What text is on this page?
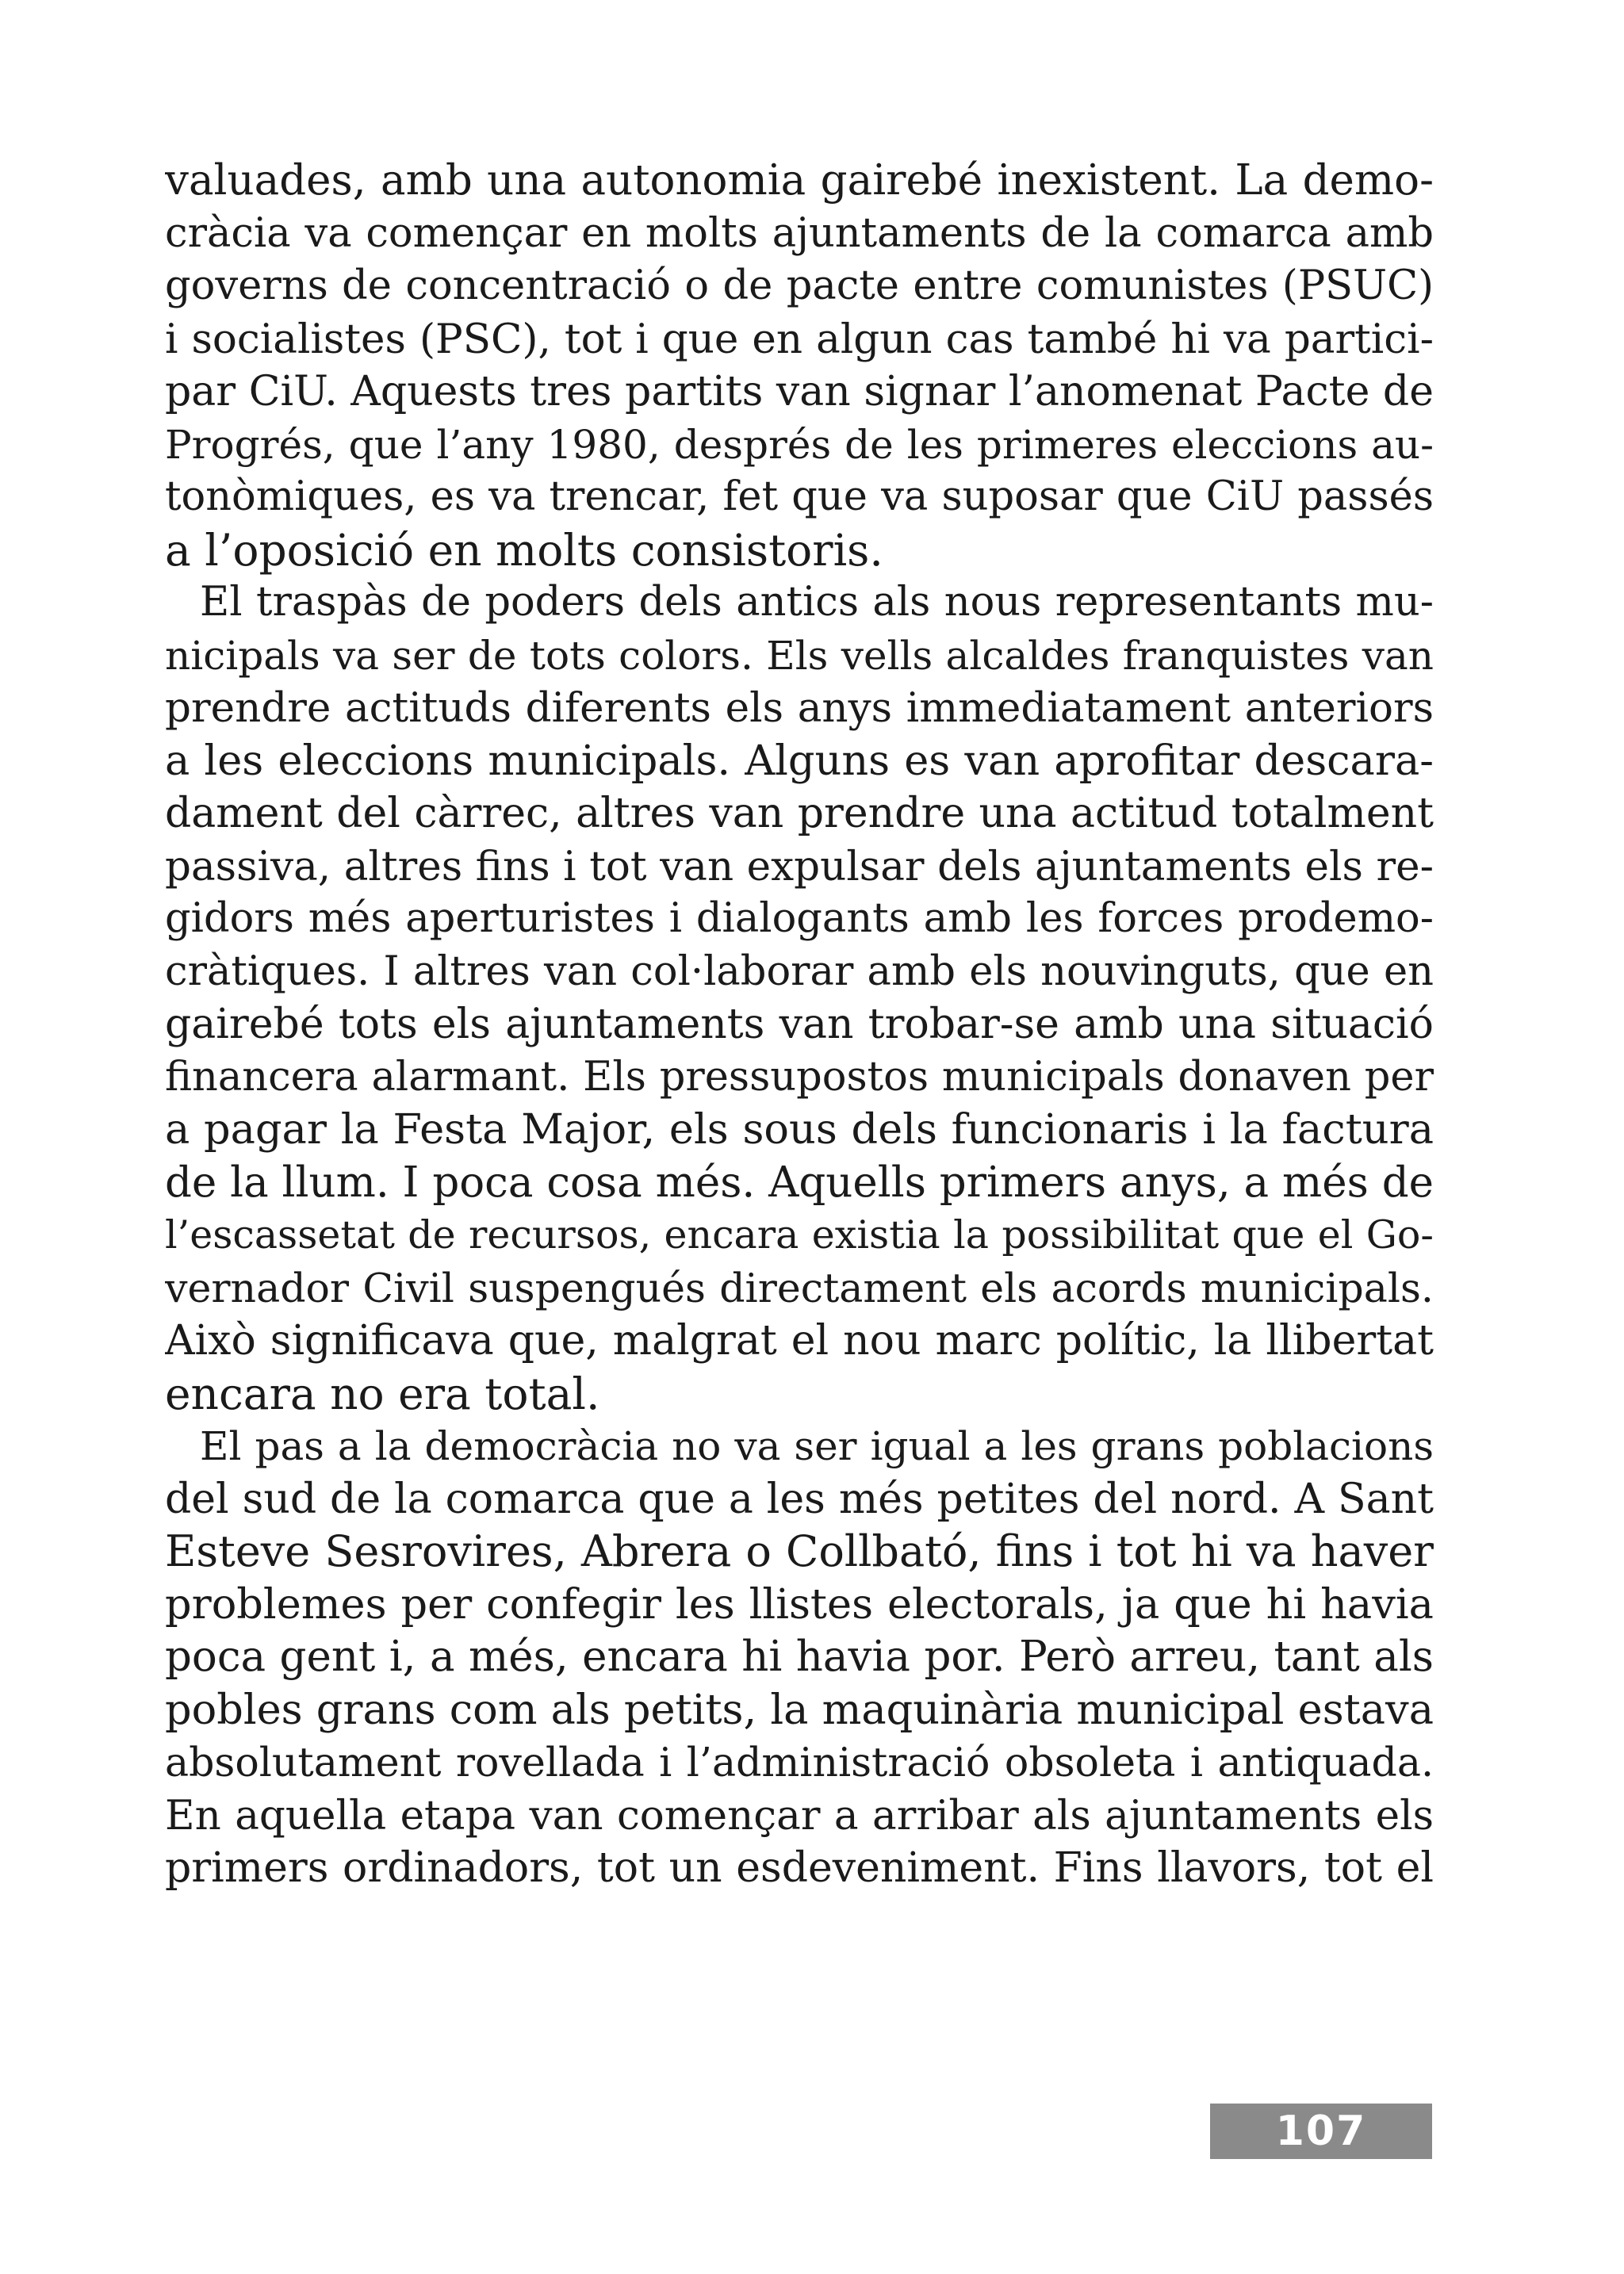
valuades, amb una autonomia gairebé inexistent. La demo-
cràcia va començar en molts ajuntaments de la comarca amb
governs de concentració o de pacte entre comunistes (PSUC)
i socialistes (PSC), tot i que en algun cas també hi va partici-
par CiU. Aquests tres partits van signar l’anomenat Pacte de
Progrés, que l’any 1980, després de les primeres eleccions au-
tonòmiques, es va trencar, fet que va suposar que CiU passés
a l’oposició en molts consistoris.
El traspàs de poders dels antics als nous representants mu-
nicipals va ser de tots colors. Els vells alcaldes franquistes van
prendre actituds diferents els anys immediatament anteriors
a les eleccions municipals. Alguns es van aprofitar descara-
dament del càrrec, altres van prendre una actitud totalment
passiva, altres fins i tot van expulsar dels ajuntaments els re-
gidors més aperturistes i dialogants amb les forces prodemo-
cràtiques. I altres van col·laborar amb els nouvinguts, que en
gairebé tots els ajuntaments van trobar-se amb una situació
financera alarmant. Els pressupostos municipals donaven per
a pagar la Festa Major, els sous dels funcionaris i la factura
de la llum. I poca cosa més. Aquells primers anys, a més de
l’escassetat de recursos, encara existia la possibilitat que el Go-
vernador Civil suspengués directament els acords municipals.
Això significava que, malgrat el nou marc polític, la llibertat
encara no era total.
El pas a la democràcia no va ser igual a les grans poblacions
del sud de la comarca que a les més petites del nord. A Sant
Esteve Sesrovires, Abrera o Collbató, fins i tot hi va haver
problemes per confegir les llistes electorals, ja que hi havia
poca gent i, a més, encara hi havia por. Però arreu, tant als
pobles grans com als petits, la maquinària municipal estava
absolutament rovellada i l’administració obsoleta i antiquada.
En aquella etapa van començar a arribar als ajuntaments els
primers ordinadors, tot un esdeveniment. Fins llavors, tot el
107
